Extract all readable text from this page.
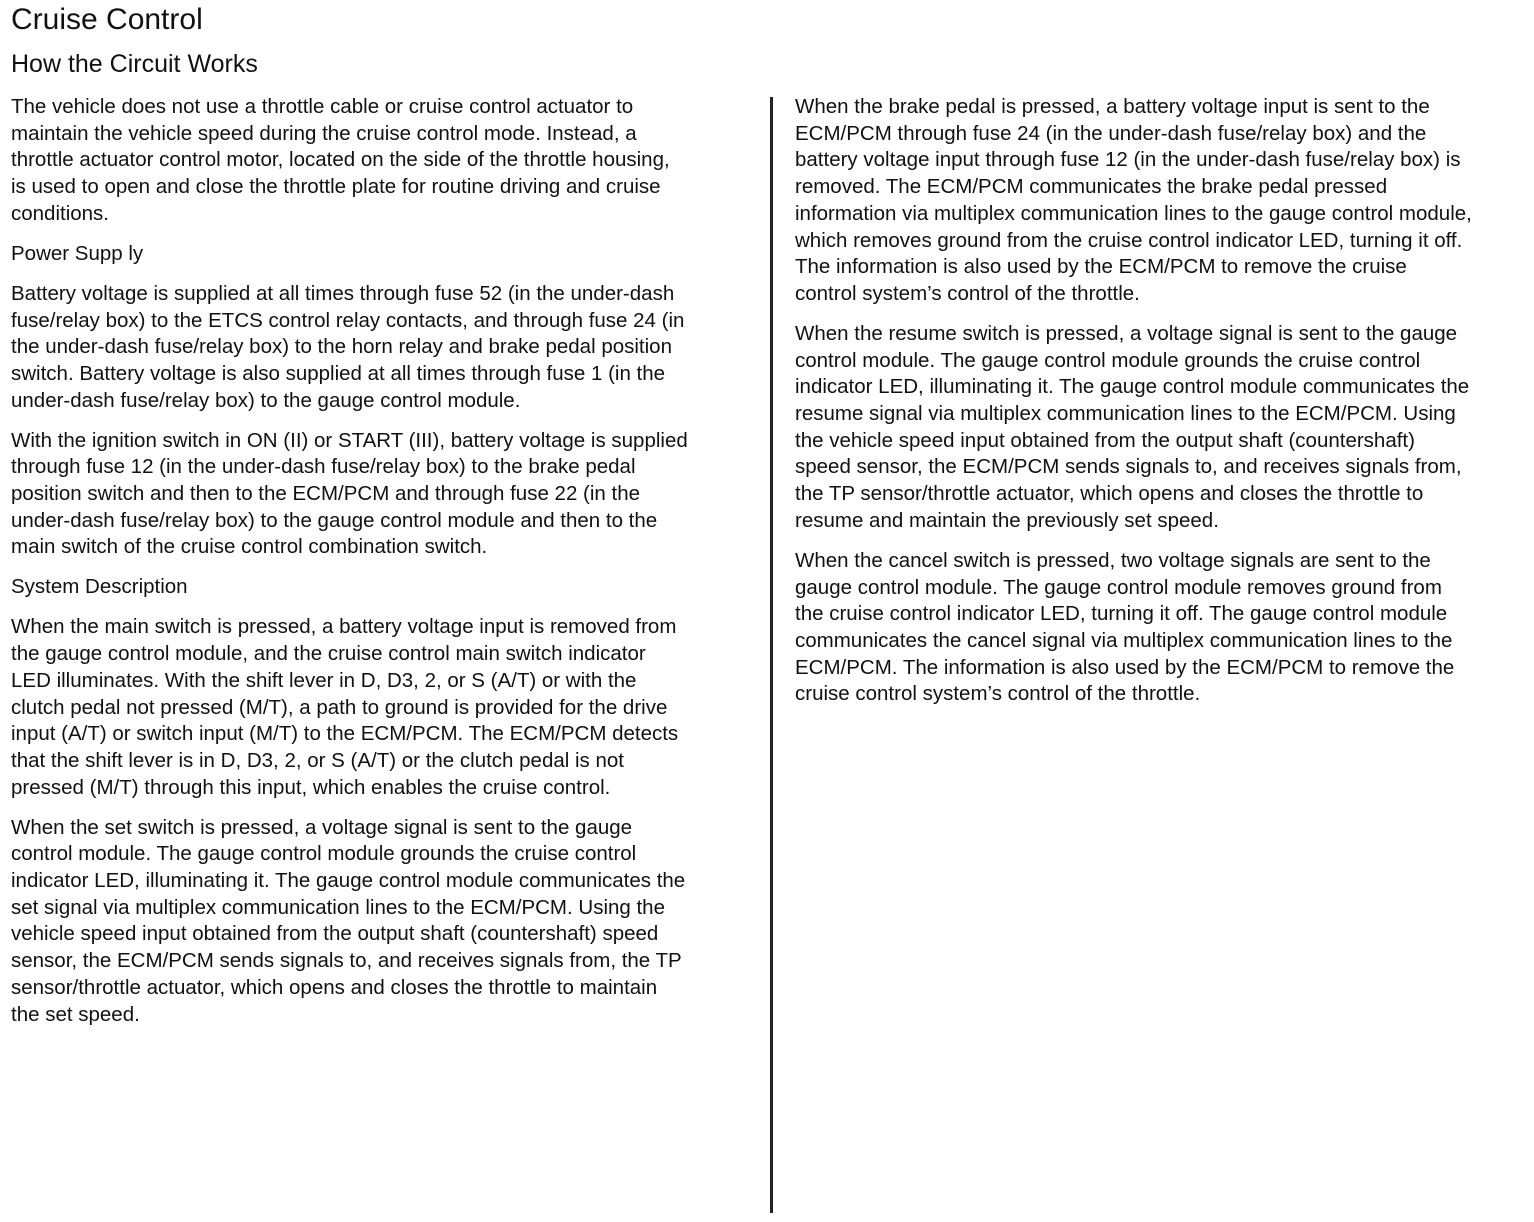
Cruise Control
How the Circuit Works
The vehicle does not use a throttle cable or cruise control actuator to
maintain the vehicle speed during the cruise control mode. Instead, a
throttle actuator control motor, located on the side of the throttle housing,
is used to open and close the throttle plate for routine driving and cruise
conditions.
Power Supp ly
Battery voltage is supplied at all times through fuse 52 (in the under-dash
fuse/relay box) to the ETCS control relay contacts, and through fuse 24 (in
the under-dash fuse/relay box) to the horn relay and brake pedal position
switch. Battery voltage is also supplied at all times through fuse 1 (in the
under-dash fuse/relay box) to the gauge control module.
With the ignition switch in ON (II) or START (III), battery voltage is supplied
through fuse 12 (in the under-dash fuse/relay box) to the brake pedal
position switch and then to the ECM/PCM and through fuse 22 (in the
under-dash fuse/relay box) to the gauge control module and then to the
main switch of the cruise control combination switch.
System Description
When the main switch is pressed, a battery voltage input is removed from
the gauge control module, and the cruise control main switch indicator
LED illuminates. With the shift lever in D, D3, 2, or S (A/T) or with the
clutch pedal not pressed (M/T), a path to ground is provided for the drive
input (A/T) or switch input (M/T) to the ECM/PCM. The ECM/PCM detects
that the shift lever is in D, D3, 2, or S (A/T) or the clutch pedal is not
pressed (M/T) through this input, which enables the cruise control.
When the set switch is pressed, a voltage signal is sent to the gauge
control module. The gauge control module grounds the cruise control
indicator LED, illuminating it. The gauge control module communicates the
set signal via multiplex communication lines to the ECM/PCM. Using the
vehicle speed input obtained from the output shaft (countershaft) speed
sensor, the ECM/PCM sends signals to, and receives signals from, the TP
sensor/throttle actuator, which opens and closes the throttle to maintain
the set speed.
When the brake pedal is pressed, a battery voltage input is sent to the
ECM/PCM through fuse 24 (in the under-dash fuse/relay box) and the
battery voltage input through fuse 12 (in the under-dash fuse/relay box) is
removed. The ECM/PCM communicates the brake pedal pressed
information via multiplex communication lines to the gauge control module,
which removes ground from the cruise control indicator LED, turning it off.
The information is also used by the ECM/PCM to remove the cruise
control system’s control of the throttle.
When the resume switch is pressed, a voltage signal is sent to the gauge
control module. The gauge control module grounds the cruise control
indicator LED, illuminating it. The gauge control module communicates the
resume signal via multiplex communication lines to the ECM/PCM. Using
the vehicle speed input obtained from the output shaft (countershaft)
speed sensor, the ECM/PCM sends signals to, and receives signals from,
the TP sensor/throttle actuator, which opens and closes the throttle to
resume and maintain the previously set speed.
When the cancel switch is pressed, two voltage signals are sent to the
gauge control module. The gauge control module removes ground from
the cruise control indicator LED, turning it off. The gauge control module
communicates the cancel signal via multiplex communication lines to the
ECM/PCM. The information is also used by the ECM/PCM to remove the
cruise control system’s control of the throttle.
